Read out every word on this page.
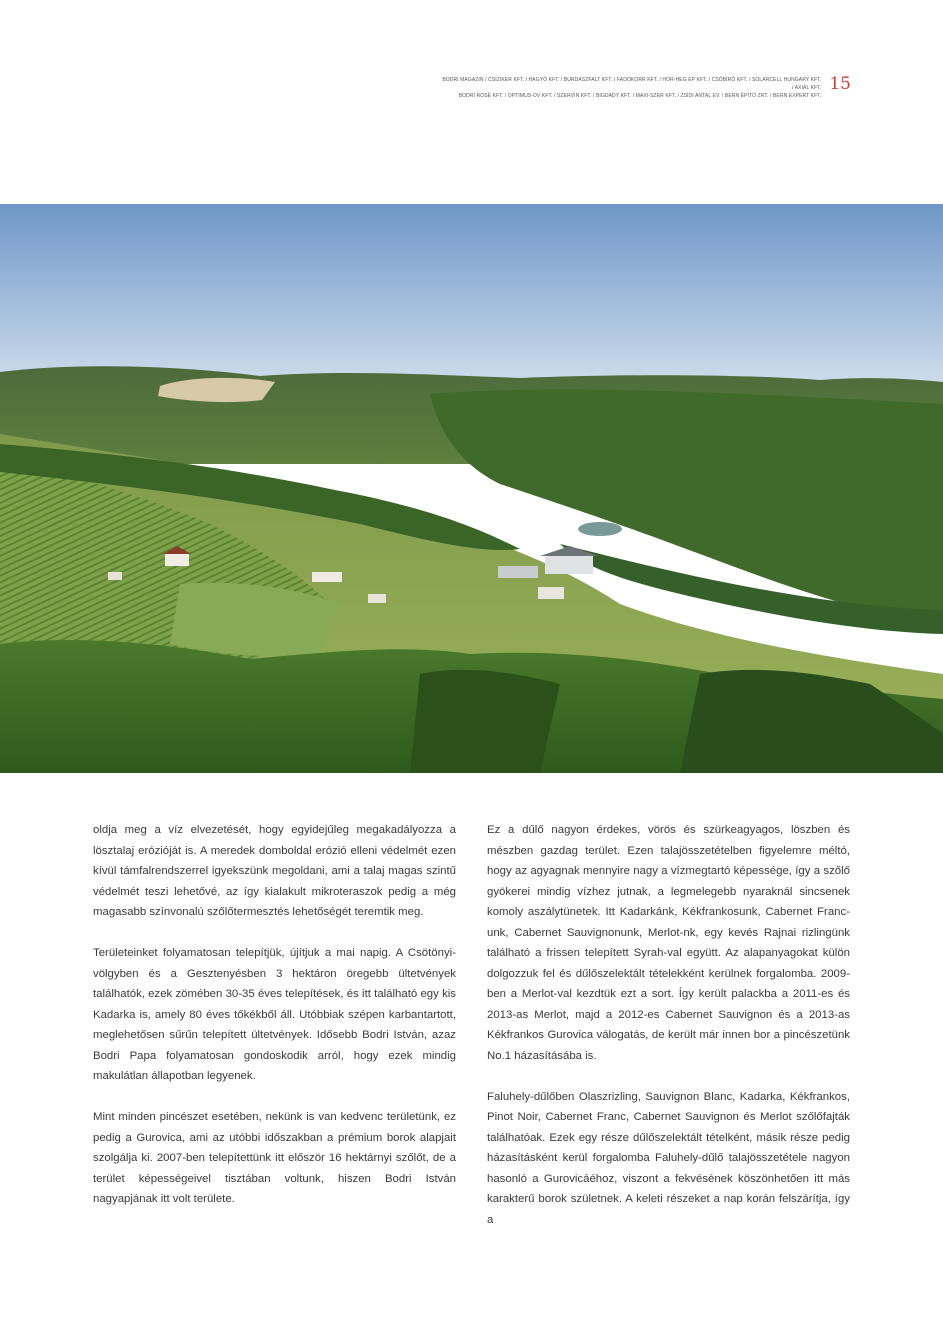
BODRI MAGAZIN / CSÍZIKER KFT. / HAGYÓ KFT. / BURDASZFALT KFT. / FADOKORR KFT. / HOR-HEG ÉP KFT. / CSŐBÍRÓ KFT. / SOLARCELL HUNGARY KFT. / AXIÁL KFT.
BODRI ROSÉ KFT. / OPTIMUS-OV KFT. / SZERVIN KFT. / BIGDADY KFT. / MAXI-SZER KFT. / ZSÍDI ANTAL EV. / BERN ÉPÍTŐ ZRT. / BERN EXPERT KFT.
15

oldja meg a víz elvezetését, hogy egyidejűleg megakadályozza a lösztalaj erózióját is. A meredek domboldal erózió elleni védelmét ezen kívül támfalrendszerrel igyekszünk megoldani, ami a talaj magas szintű védelmét teszi lehetővé, az így kialakult mikroteraszok pedig a még magasabb színvonalú szőlőtermesztés lehetőségét teremtik meg.

Területeinket folyamatosan telepítjük, újítjuk a mai napig. A Csötönyi-völgyben és a Gesztenyésben 3 hektáron öregebb ültetvények találhatók, ezek zömében 30-35 éves telepítések, és itt található egy kis Kadarka is, amely 80 éves tőkékből áll. Utóbbiak szépen karbantartott, meglehetősen sűrűn telepített ültetvények. Idősebb Bodri István, azaz Bodri Papa folyamatosan gondoskodik arról, hogy ezek mindig makulátlan állapotban legyenek.

Mint minden pincészet esetében, nekünk is van kedvenc területünk, ez pedig a Gurovica, ami az utóbbi időszakban a prémium borok alapjait szolgálja ki. 2007-ben telepítettünk itt először 16 hektárnyi szőlőt, de a terület képességeivel tisztában voltunk, hiszen Bodri István nagyapjának itt volt területe.

Ez a dűlő nagyon érdekes, vörös és szürkeagyagos, löszben és mészben gazdag terület. Ezen talajösszetételben figyelemre méltó, hogy az agyagnak mennyire nagy a vízmegtartó képessége, így a szőlő gyökerei mindig vízhez jutnak, a legmelegebb nyaraknál sincsenek komoly aszálytünetek. Itt Kadarkánk, Kékfrankosunk, Cabernet Franc-unk, Cabernet Sauvignonunk, Merlot-nk, egy kevés Rajnai rizlingünk található a frissen telepített Syrah-val együtt. Az alapanyagokat külön dolgozzuk fel és dűlőszelektált tételekként kerülnek forgalomba. 2009-ben a Merlot-val kezdtük ezt a sort. Így került palackba a 2011-es és 2013-as Merlot, majd a 2012-es Cabernet Sauvignon és a 2013-as Kékfrankos Gurovica válogatás, de került már innen bor a pincészetünk No.1 házasításába is.

Faluhely-dűlőben Olaszrizling, Sauvignon Blanc, Kadarka, Kékfrankos, Pinot Noir, Cabernet Franc, Cabernet Sauvignon és Merlot szőlőfajták találhatóak. Ezek egy része dűlőszelektált tételként, másik része pedig házasításként kerül forgalomba Faluhely-dűlő talajösszetétele nagyon hasonló a Gurovicáéhoz, viszont a fekvésének köszönhetően itt más karakterű borok születnek. A keleti részeket a nap korán felszárítja, így a
